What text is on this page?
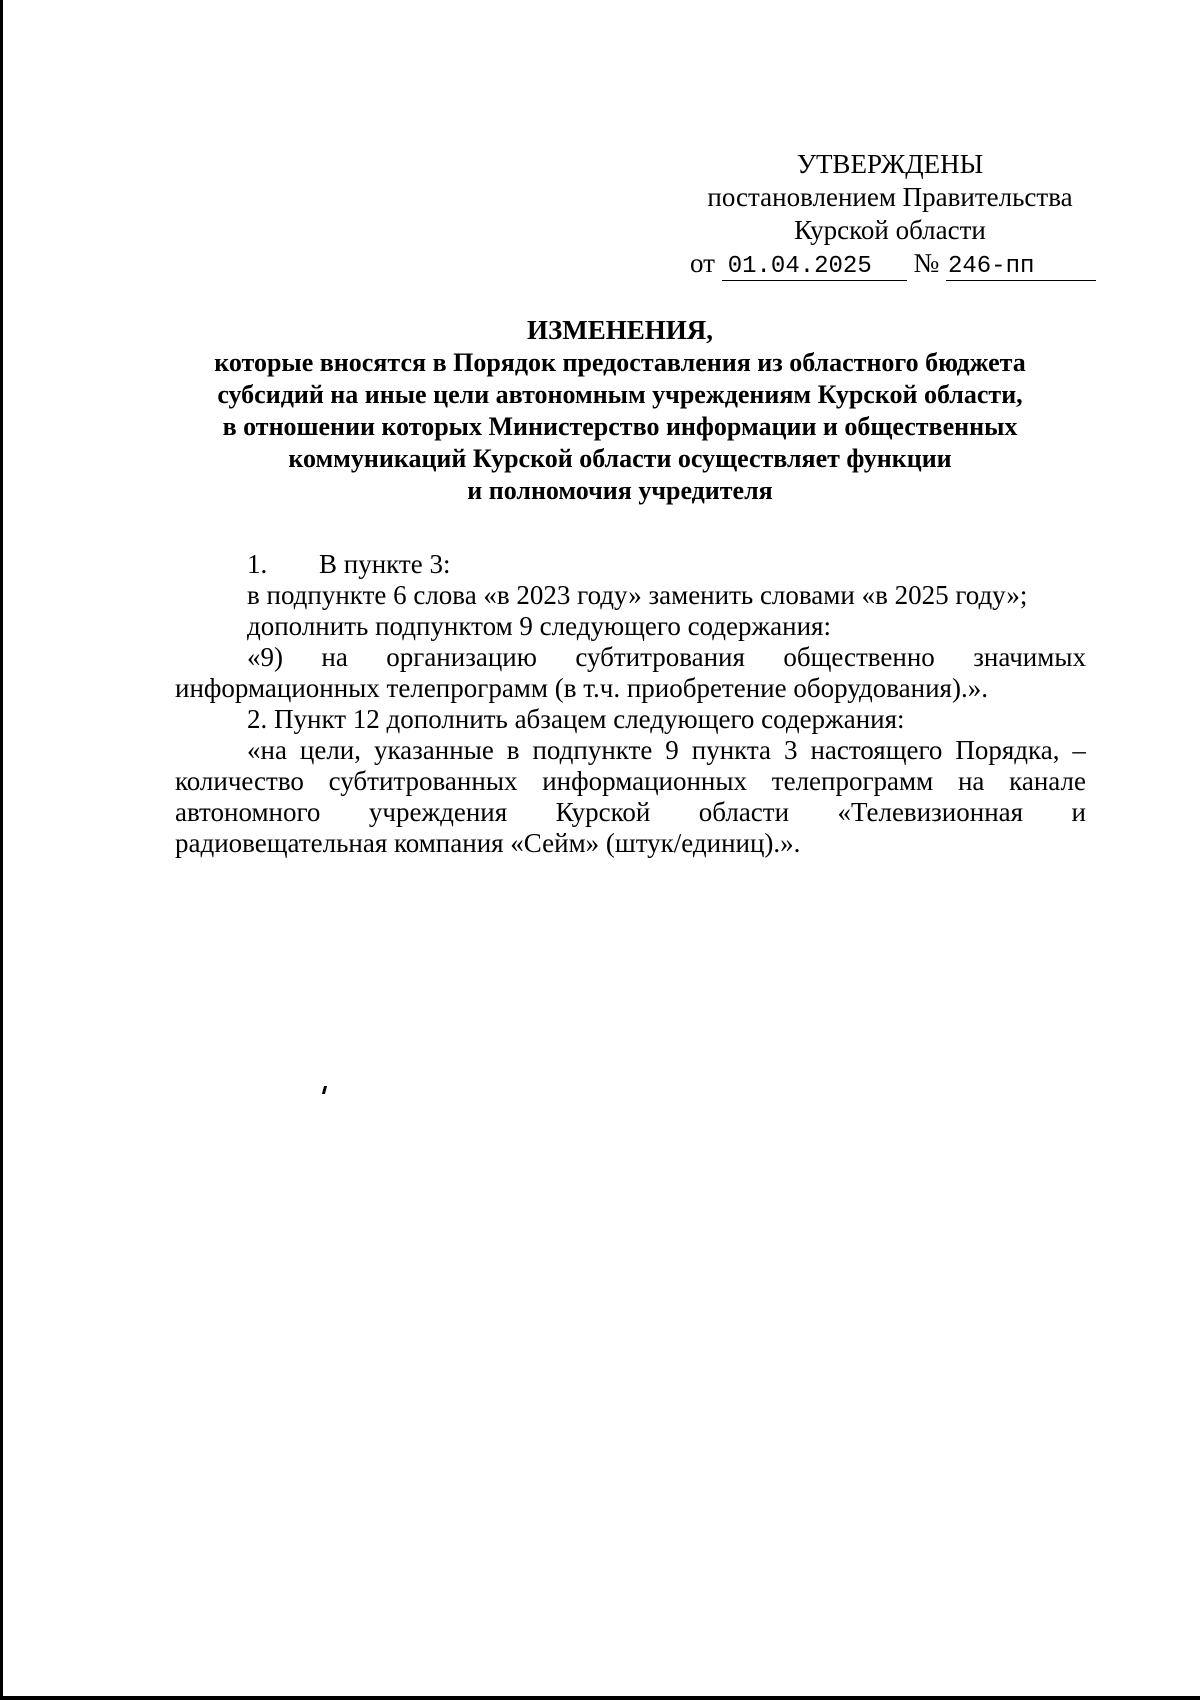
УТВЕРЖДЕНЫ
постановлением Правительства
Курской области
от 01.04.2025 № 246-пп
ИЗМЕНЕНИЯ,
которые вносятся в Порядок предоставления из областного бюджета
субсидий на иные цели автономным учреждениям Курской области,
в отношении которых Министерство информации и общественных
коммуникаций Курской области осуществляет функции
и полномочия учредителя

1. В пункте 3:

в подпункте 6 слова «в 2023 году» заменить словами «в 2025 году»;

дополнить подпунктом 9 следующего содержания:

«9) на организацию субтитрования общественно значимых

информационных телепрограмм (в т.ч. приобретение оборудования).».

2. Пункт 12 дополнить абзацем следующего содержания:

«на цели, указанные в подпункте 9 пункта 3 настоящего Порядка, –
количество субтитрованных информационных телепрограмм на канале
автономного учреждения Курской области «Телевизионная и

радиовещательная компания «Сейм» (штук/единиц).».
